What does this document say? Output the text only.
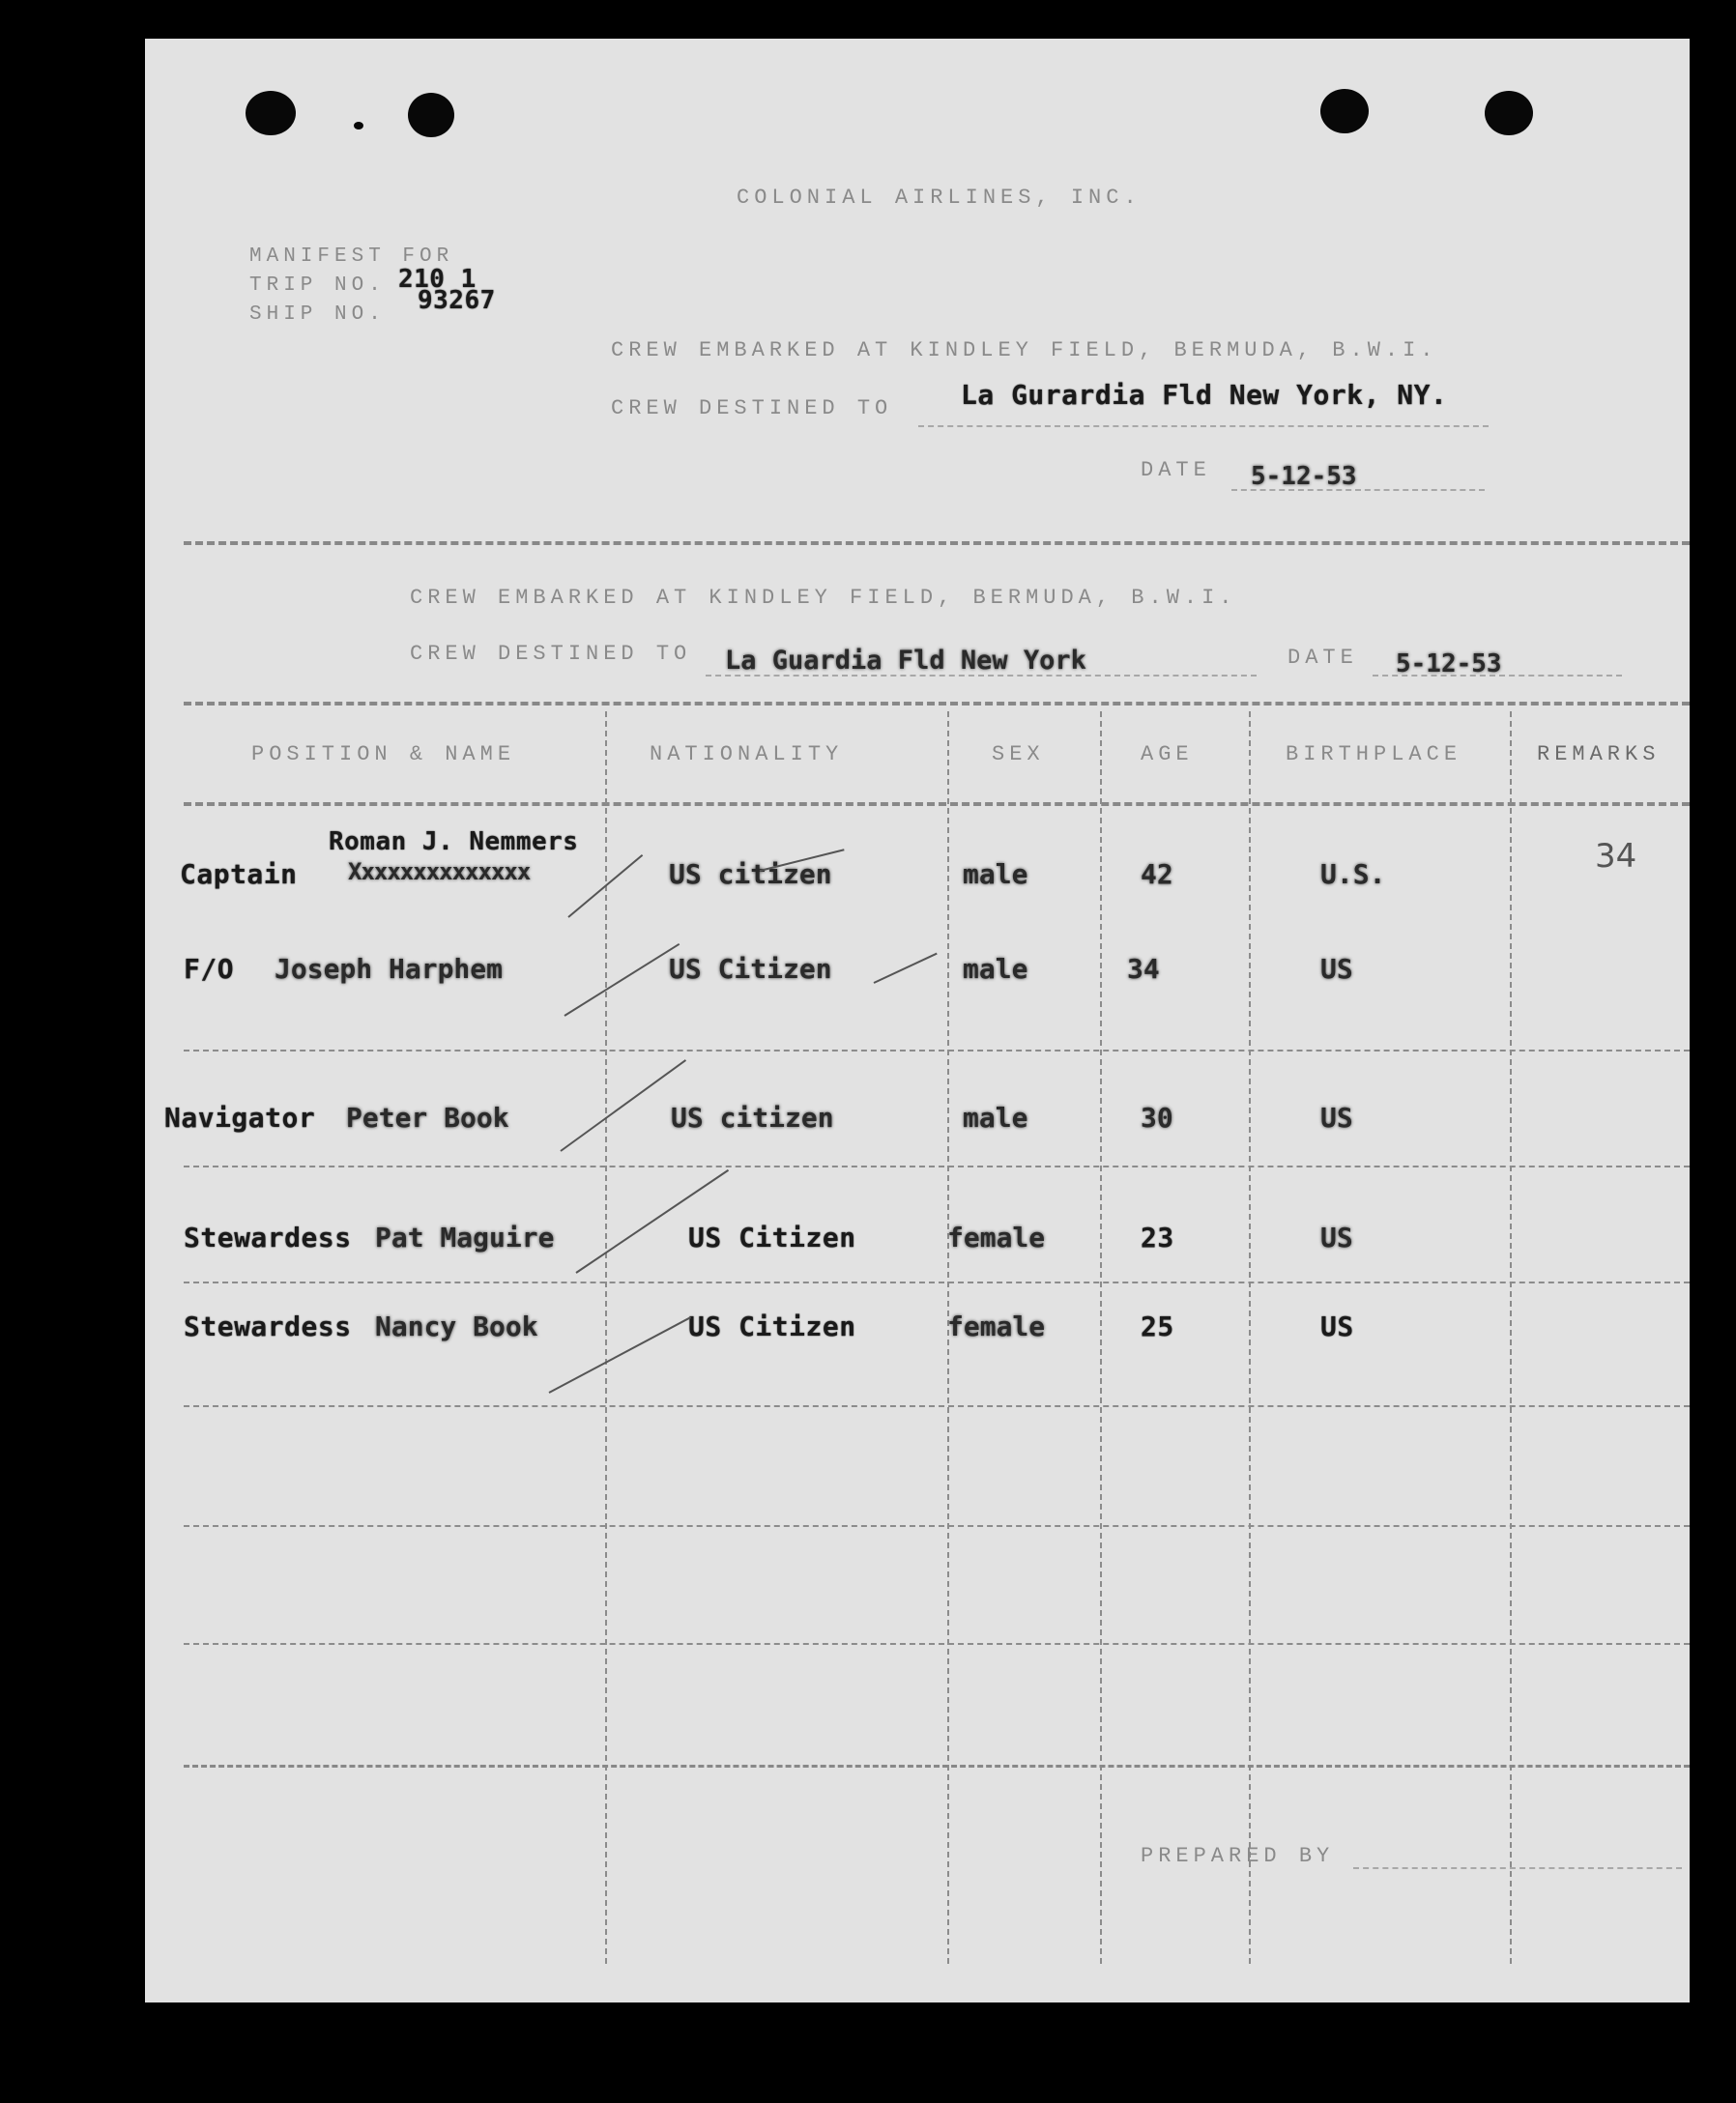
COLONIAL AIRLINES, INC.
MANIFEST FOR
TRIP NO. 210 1
SHIP NO. 93267
CREW EMBARKED AT KINDLEY FIELD, BERMUDA, B.W.I.
CREW DESTINED TO	La Gurardia Fld New York, NY.
DATE 5-12-53
CREW EMBARKED AT KINDLEY FIELD, BERMUDA, B.W.I.
CREW DESTINED TO La Guardia Fld New York	DATE 5-12-53
POSITION & NAME	NATIONALITY	SEX	AGE	BIRTHPLACE	REMARKS
Roman J. Nemmers
Captain Xxxxxxxxxxxxxx	US citizen	male	42	U.S.	34
F/O Joseph Harphem	US Citizen	male	34	US
Navigator Peter Book	US citizen	male	30	US
Stewardess Pat Maguire	US Citizen	female	23	US
Stewardess Nancy Book	US Citizen	female	25	US
PREPARED BY
